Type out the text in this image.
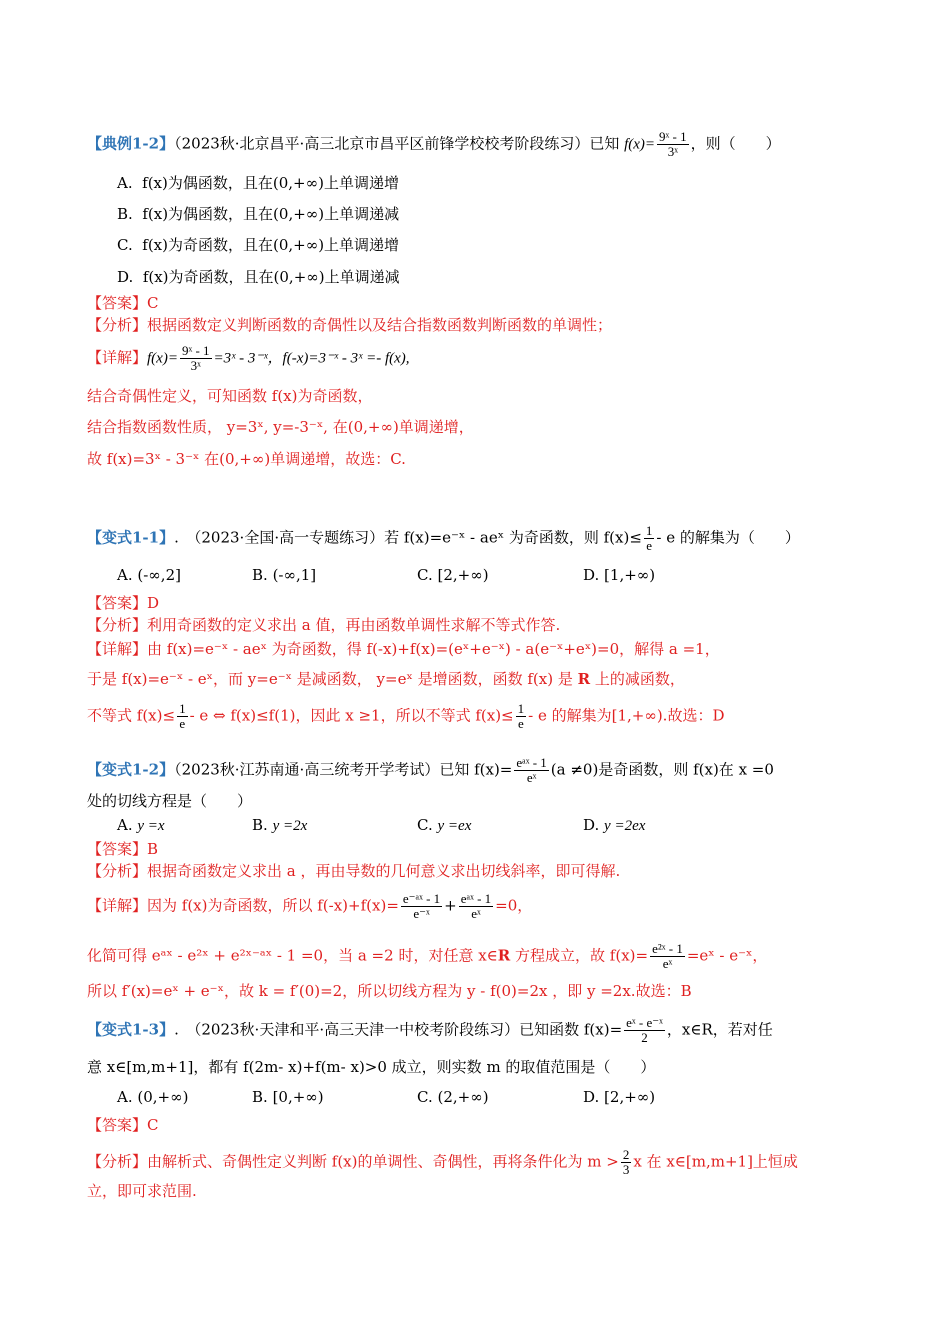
【典例1-2】（2023秋·北京昌平·高三北京市昌平区前锋学校校考阶段练习）已知 $f(x)= \frac{\text{9ˣ - 1}}{\text{3ˣ}}$ ，则（　　）
A. f(x)为偶函数，且在(0,+∞)上单调递增
B. f(x)为偶函数，且在(0,+∞)上单调递减
C. f(x)为奇函数，且在(0,+∞)上单调递增
D. f(x)为奇函数，且在(0,+∞)上单调递减
【答案】C
【分析】根据函数定义判断函数的奇偶性以及结合指数函数判断函数的单调性；
【详解】$f(x)= \frac{\text{9ˣ - 1}}{\text{3ˣ}}$ =3ˣ - 3⁻ˣ，f(-x)=3⁻ˣ - 3ˣ =- f(x),
结合奇偶性定义，可知函数 f(x)为奇函数，
结合指数函数性质， y=3ˣ, y=-3⁻ˣ, 在(0,+∞)单调递增，
故 f(x)=3ˣ - 3⁻ˣ 在(0,+∞)单调递增，故选：C.
【变式1-1】.　（2023·全国·高一专题练习）若 f(x)=e⁻ˣ - aeˣ 为奇函数，则 $f(x)\le \frac{1}{e} - e$ 的解集为（　　）
A. (-∞,2]	B. (-∞,1]	C. [2,+∞)	D. [1,+∞)
【答案】D
【分析】利用奇函数的定义求出 a 值，再由函数单调性求解不等式作答.
【详解】由 f(x)=e⁻ˣ - aeˣ 为奇函数，得 f(-x)+f(x)=(eˣ+e⁻ˣ) - a(e⁻ˣ+eˣ)=0，解得 a =1，
于是 f(x)=e⁻ˣ - eˣ，而 y=e⁻ˣ 是减函数， y=eˣ 是增函数，函数 f(x) 是 R 上的减函数，
不等式 $f(x)\le \frac{1}{e} - e$ ⇔ f(x)≤f(1)，因此 x ≥1，所以不等式 $f(x)\le \frac{1}{e} - e$ 的解集为[1,+∞).故选：D
【变式1-2】（2023秋·江苏南通·高三统考开学考试）已知 $f(x)= \frac{\text{eᵃˣ - 1}}{\text{eˣ}} (a \ne 0)$是奇函数，则 f(x)在 x =0
处的切线方程是（　　）
A. y =x	B. y =2x	C. y =ex	D. y =2ex
【答案】B
【分析】根据奇函数定义求出 a ，再由导数的几何意义求出切线斜率，即可得解.
【详解】因为 f(x)为奇函数，所以 $f(-x)+f(x)= \frac{\text{e⁻ᵃˣ - 1}}{\text{e⁻ˣ}} + \frac{\text{eᵃˣ - 1}}{\text{eˣ}} =0$，
化简可得 eᵃˣ - e²ˣ + e²ˣ⁻ᵃˣ - 1 =0，当 a =2 时，对任意 x∈R 方程成立，故 $f(x)= \frac{\text{e²ˣ - 1}}{\text{eˣ}}$ =eˣ - e⁻ˣ，
所以 f′(x)=eˣ + e⁻ˣ，故 k = f′(0)=2，所以切线方程为 y - f(0)=2x ，即 y =2x.故选：B
【变式1-3】.　（2023秋·天津和平·高三天津一中校考阶段练习）已知函数 $f(x)= \frac{\text{eˣ - e⁻ˣ}}{2}$ ，x∈R，若对任
意 x∈[m,m+1]，都有 f(2m- x)+f(m- x)>0 成立，则实数 m 的取值范围是（　　）
A. (0,+∞)	B. [0,+∞)	C. (2,+∞)	D. [2,+∞)
【答案】C
【分析】由解析式、奇偶性定义判断 f(x)的单调性、奇偶性，再将条件化为 $m > \frac{2}{3}$ x 在 x∈[m,m+1]上恒成
立，即可求范围.
